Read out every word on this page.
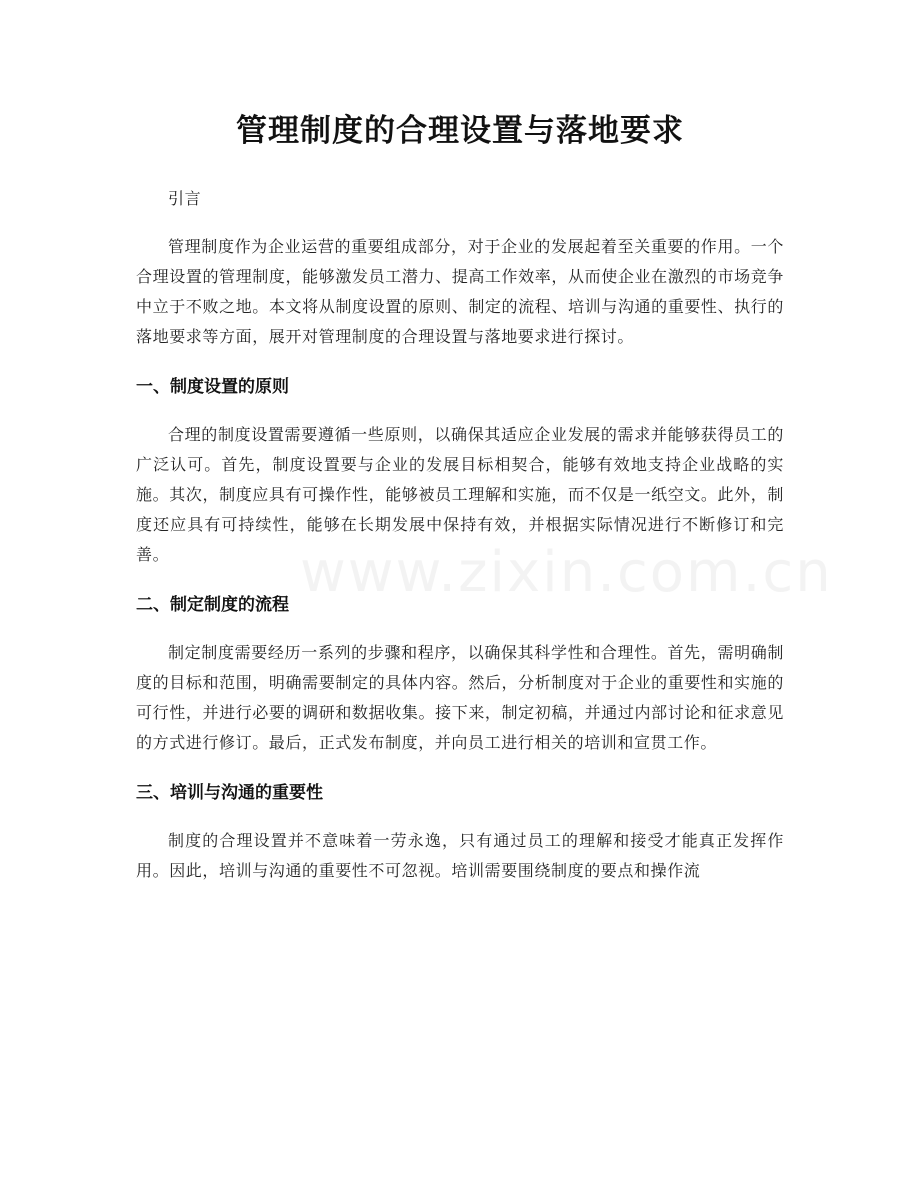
www.zixin.com.cn
管理制度的合理设置与落地要求

引言

管理制度作为企业运营的重要组成部分，对于企业的发展起着至关重要的作用。一个合理设置的管理制度，能够激发员工潜力、提高工作效率，从而使企业在激烈的市场竞争中立于不败之地。本文将从制度设置的原则、制定的流程、培训与沟通的重要性、执行的落地要求等方面，展开对管理制度的合理设置与落地要求进行探讨。

一、制度设置的原则

合理的制度设置需要遵循一些原则，以确保其适应企业发展的需求并能够获得员工的广泛认可。首先，制度设置要与企业的发展目标相契合，能够有效地支持企业战略的实施。其次，制度应具有可操作性，能够被员工理解和实施，而不仅是一纸空文。此外，制度还应具有可持续性，能够在长期发展中保持有效，并根据实际情况进行不断修订和完善。

二、制定制度的流程

制定制度需要经历一系列的步骤和程序，以确保其科学性和合理性。首先，需明确制度的目标和范围，明确需要制定的具体内容。然后，分析制度对于企业的重要性和实施的可行性，并进行必要的调研和数据收集。接下来，制定初稿，并通过内部讨论和征求意见的方式进行修订。最后，正式发布制度，并向员工进行相关的培训和宣贯工作。

三、培训与沟通的重要性

制度的合理设置并不意味着一劳永逸，只有通过员工的理解和接受才能真正发挥作用。因此，培训与沟通的重要性不可忽视。培训需要围绕制度的要点和操作流
